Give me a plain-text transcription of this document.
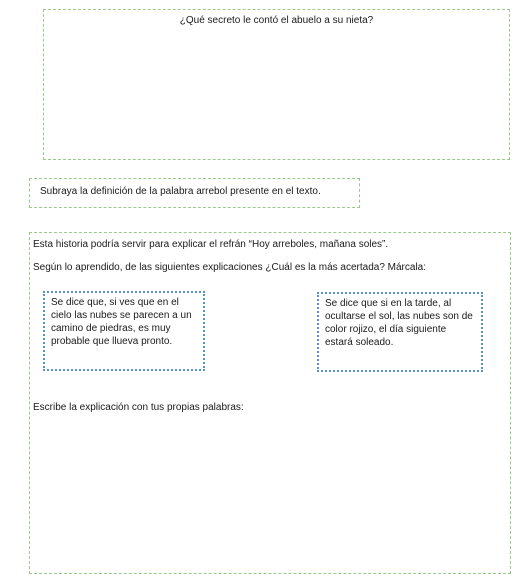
¿Qué secreto le contó el abuelo a su nieta?
Subraya la definición de la palabra arrebol presente en el texto.
Esta historia podría servir para explicar el refrán “Hoy arreboles, mañana soles”.
Según lo aprendido, de las siguientes explicaciones ¿Cuál es la más acertada? Márcala:
Se dice que, si ves que en el cielo las nubes se parecen a un camino de piedras, es muy probable que llueva pronto.
Se dice que si en la tarde, al ocultarse el sol, las nubes son de color rojizo, el día siguiente estará soleado.
Escribe la explicación con tus propias palabras:
